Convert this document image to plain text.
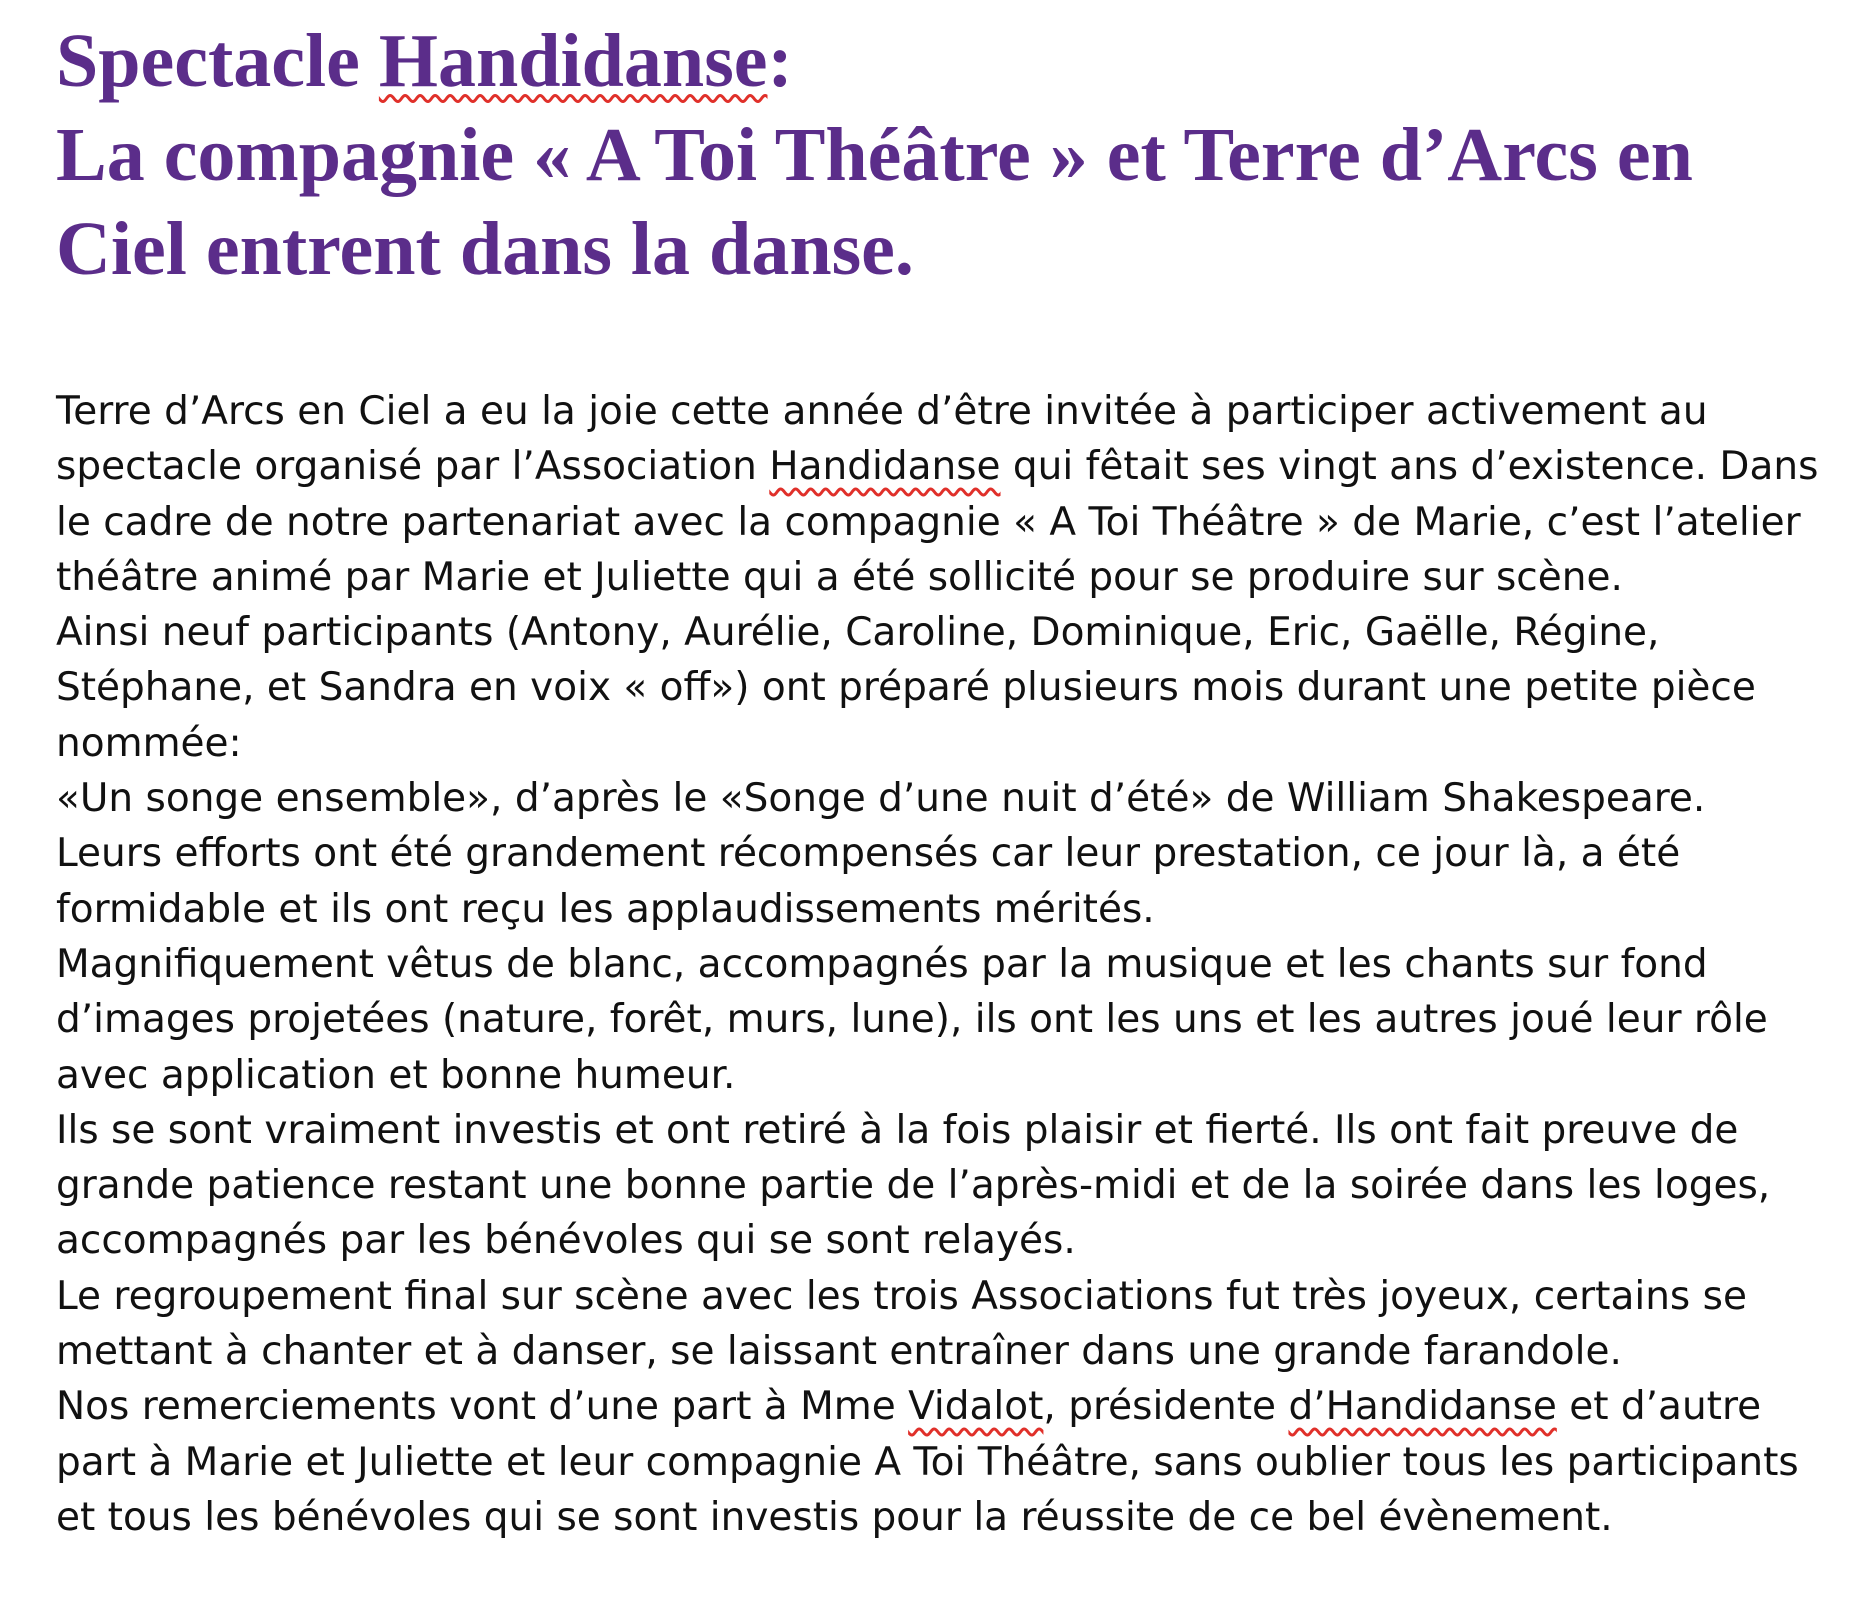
Spectacle Handidanse:
La compagnie « A Toi Théâtre » et Terre d’Arcs en
Ciel entrent dans la danse.
Terre d’Arcs en Ciel a eu la joie cette année d’être invitée à participer activement au
spectacle organisé par l’Association Handidanse qui fêtait ses vingt ans d’existence. Dans
le cadre de notre partenariat avec la compagnie « A Toi Théâtre » de Marie, c’est l’atelier
théâtre animé par Marie et Juliette qui a été sollicité pour se produire sur scène.
Ainsi neuf participants (Antony, Aurélie, Caroline, Dominique, Eric, Gaëlle, Régine,
Stéphane, et Sandra en voix « off») ont préparé plusieurs mois durant une petite pièce
nommée:
«Un songe ensemble», d’après le «Songe d’une nuit d’été» de William Shakespeare.
Leurs efforts ont été grandement récompensés car leur prestation, ce jour là, a été
formidable et ils ont reçu les applaudissements mérités.
Magnifiquement vêtus de blanc, accompagnés par la musique et les chants sur fond
d’images projetées (nature, forêt, murs, lune), ils ont les uns et les autres joué leur rôle
avec application et bonne humeur.
Ils se sont vraiment investis et ont retiré à la fois plaisir et fierté. Ils ont fait preuve de
grande patience restant une bonne partie de l’après-midi et de la soirée dans les loges,
accompagnés par les bénévoles qui se sont relayés.
Le regroupement final sur scène avec les trois Associations fut très joyeux, certains se
mettant à chanter et à danser, se laissant entraîner dans une grande farandole.
Nos remerciements vont d’une part à Mme Vidalot, présidente d’Handidanse et d’autre
part à Marie et Juliette et leur compagnie A Toi Théâtre, sans oublier tous les participants
et tous les bénévoles qui se sont investis pour la réussite de ce bel évènement.
